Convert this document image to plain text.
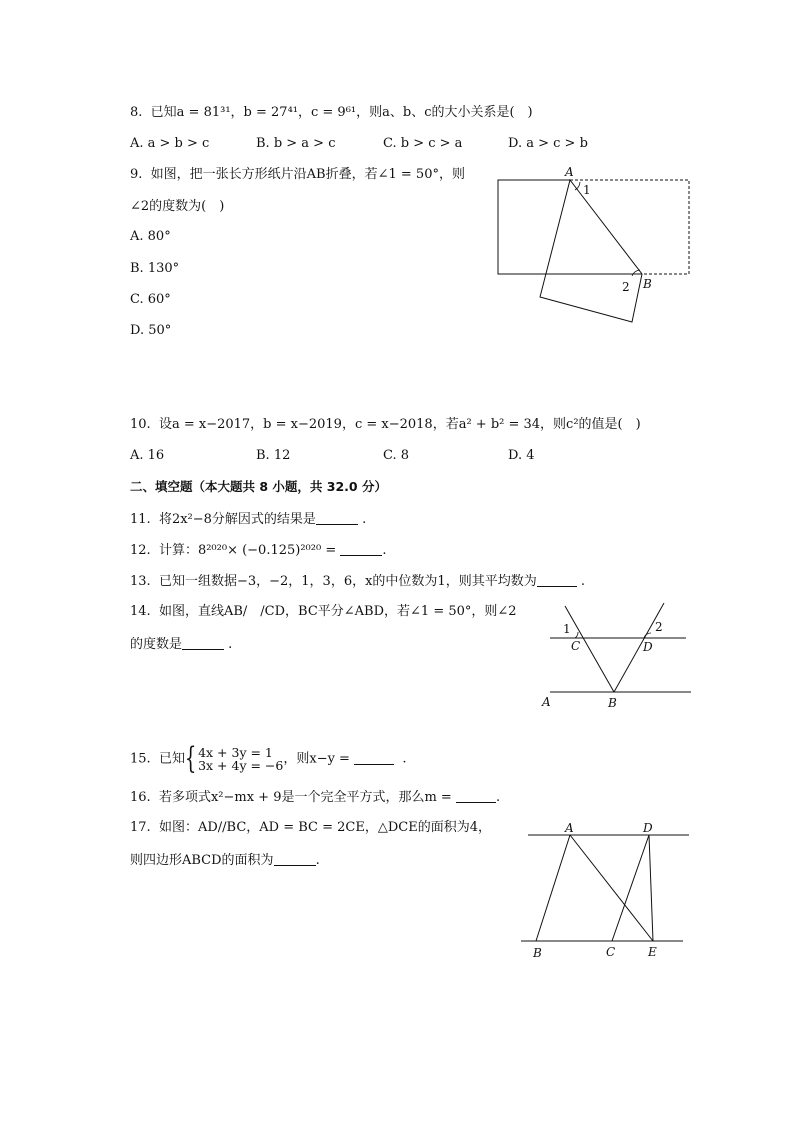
8. 已知a = 81³¹，b = 27⁴¹，c = 9⁶¹，则a、b、c的大小关系是(　)
A. a > b > c	B. b > a > c	C. b > c > a	D. a > c > b
9. 如图，把一张长方形纸片沿AB折叠，若∠1 = 50°，则
∠2的度数为(　)
A. 80°
B. 130°
C. 60°
D. 50°
A
1
2 B
10. 设a = x−2017，b = x−2019，c = x−2018，若a² + b² = 34，则c²的值是(　)
A. 16	B. 12	C. 8	D. 4
二、填空题（本大题共 8 小题，共 32.0 分）
11. 将2x²−8分解因式的结果是	.
12. 计算：8²⁰²⁰× (−0.125)²⁰²⁰ =	.
13. 已知一组数据−3，−2，1，3，6，x的中位数为1，则其平均数为	.
14. 如图，直线AB/　/CD，BC平分∠ABD，若∠1 = 50°，则∠2
的度数是	.
1
C
2
D
A	B
15. 已知{ 4x + 3y = 1
3x + 4y = −6，则x−y =	.
16. 若多项式x²−mx + 9是一个完全平方式，那么m =	.
17. 如图：AD//BC，AD = BC = 2CE，△DCE的面积为4，
则四边形ABCD的面积为	.
A	D
B	C	E
